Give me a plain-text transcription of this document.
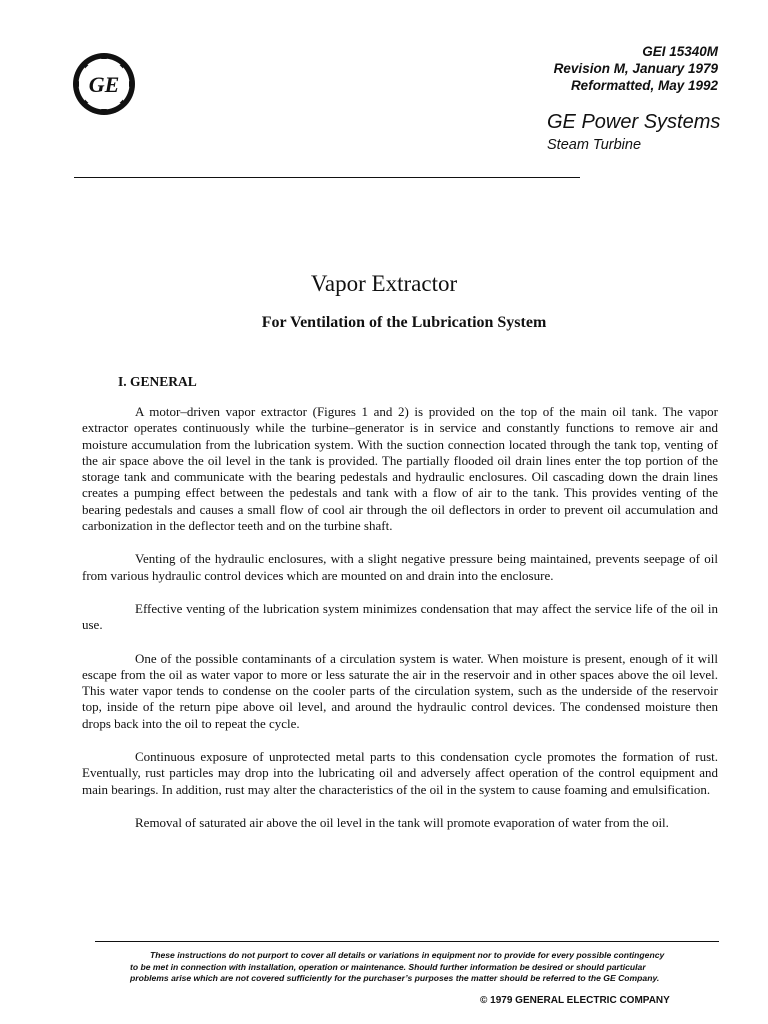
GE
GEI 15340M
Revision M, January 1979
Reformatted, May 1992
GE Power Systems
Steam Turbine
Vapor Extractor
For Ventilation of the Lubrication System
I. GENERAL

A motor–driven vapor extractor (Figures 1 and 2) is provided on the top of the main oil tank. The vapor extractor operates continuously while the turbine–generator is in service and constantly functions to remove air and moisture accumulation from the lubrication system. With the suction connection located through the tank top, venting of the air space above the oil level in the tank is provided. The partially flooded oil drain lines enter the top portion of the storage tank and communicate with the bearing pedestals and hydraulic enclosures. Oil cascading down the drain lines creates a pumping effect between the pedestals and tank with a flow of air to the tank. This provides venting of the bearing pedestals and causes a small flow of cool air through the oil deflectors in order to prevent oil accumulation and carbonization in the deflector teeth and on the turbine shaft.

Venting of the hydraulic enclosures, with a slight negative pressure being maintained, prevents seepage of oil from various hydraulic control devices which are mounted on and drain into the enclosure.

Effective venting of the lubrication system minimizes condensation that may affect the service life of the oil in use.

One of the possible contaminants of a circulation system is water. When moisture is present, enough of it will escape from the oil as water vapor to more or less saturate the air in the reservoir and in other spaces above the oil level. This water vapor tends to condense on the cooler parts of the circulation system, such as the underside of the reservoir top, inside of the return pipe above oil level, and around the hydraulic control devices. The condensed moisture then drops back into the oil to repeat the cycle.

Continuous exposure of unprotected metal parts to this condensation cycle promotes the formation of rust. Eventually, rust particles may drop into the lubricating oil and adversely affect operation of the control equipment and main bearings. In addition, rust may alter the characteristics of the oil in the system to cause foaming and emulsification.

Removal of saturated air above the oil level in the tank will promote evaporation of water from the oil.

These instructions do not purport to cover all details or variations in equipment nor to provide for every possible contingency to be met in connection with installation, operation or maintenance. Should further information be desired or should particular problems arise which are not covered sufficiently for the purchaser’s purposes the matter should be referred to the GE Company.
© 1979 GENERAL ELECTRIC COMPANY
